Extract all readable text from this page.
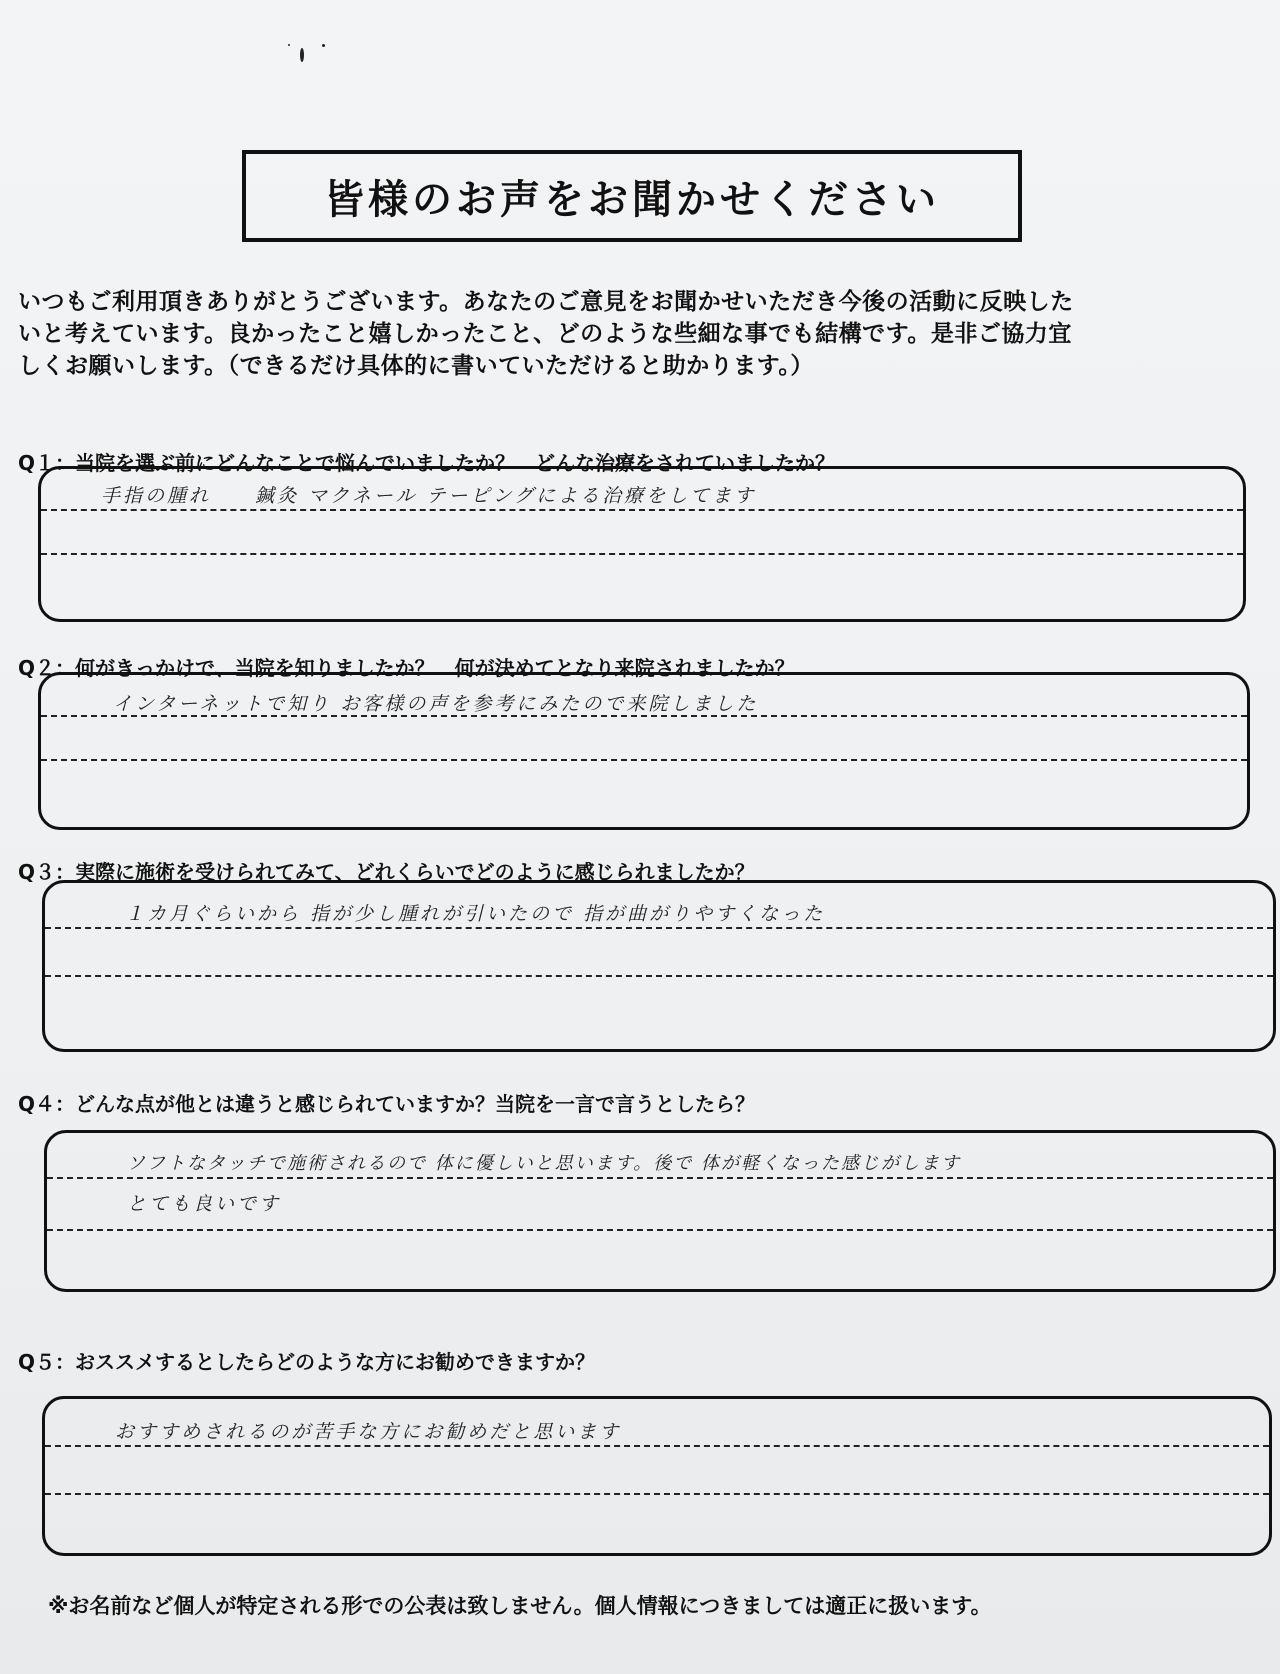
皆様のお声をお聞かせください
いつもご利用頂きありがとうございます。あなたのご意見をお聞かせいただき今後の活動に反映した
いと考えています。良かったこと嬉しかったこと、どのような些細な事でも結構です。是非ご協力宜
しくお願いします。（できるだけ具体的に書いていただけると助かります。）
Q１：当院を選ぶ前にどんなことで悩んでいましたか？　どんな治療をされていましたか？
手指の腫れ　　鍼灸 マクネール テーピングによる治療をしてます
Q２：何がきっかけで、当院を知りましたか？　何が決めてとなり来院されましたか？
インターネットで知り お客様の声を参考にみたので来院しました
Q３：実際に施術を受けられてみて、どれくらいでどのように感じられましたか？
１カ月ぐらいから 指が少し腫れが引いたので 指が曲がりやすくなった
Q４：どんな点が他とは違うと感じられていますか？当院を一言で言うとしたら？
ソフトなタッチで施術されるので 体に優しいと思います。後で 体が軽くなった感じがします
とても良いです
Q５：おススメするとしたらどのような方にお勧めできますか？
おすすめされるのが苦手な方にお勧めだと思います
※お名前など個人が特定される形での公表は致しません。個人情報につきましては適正に扱います。
